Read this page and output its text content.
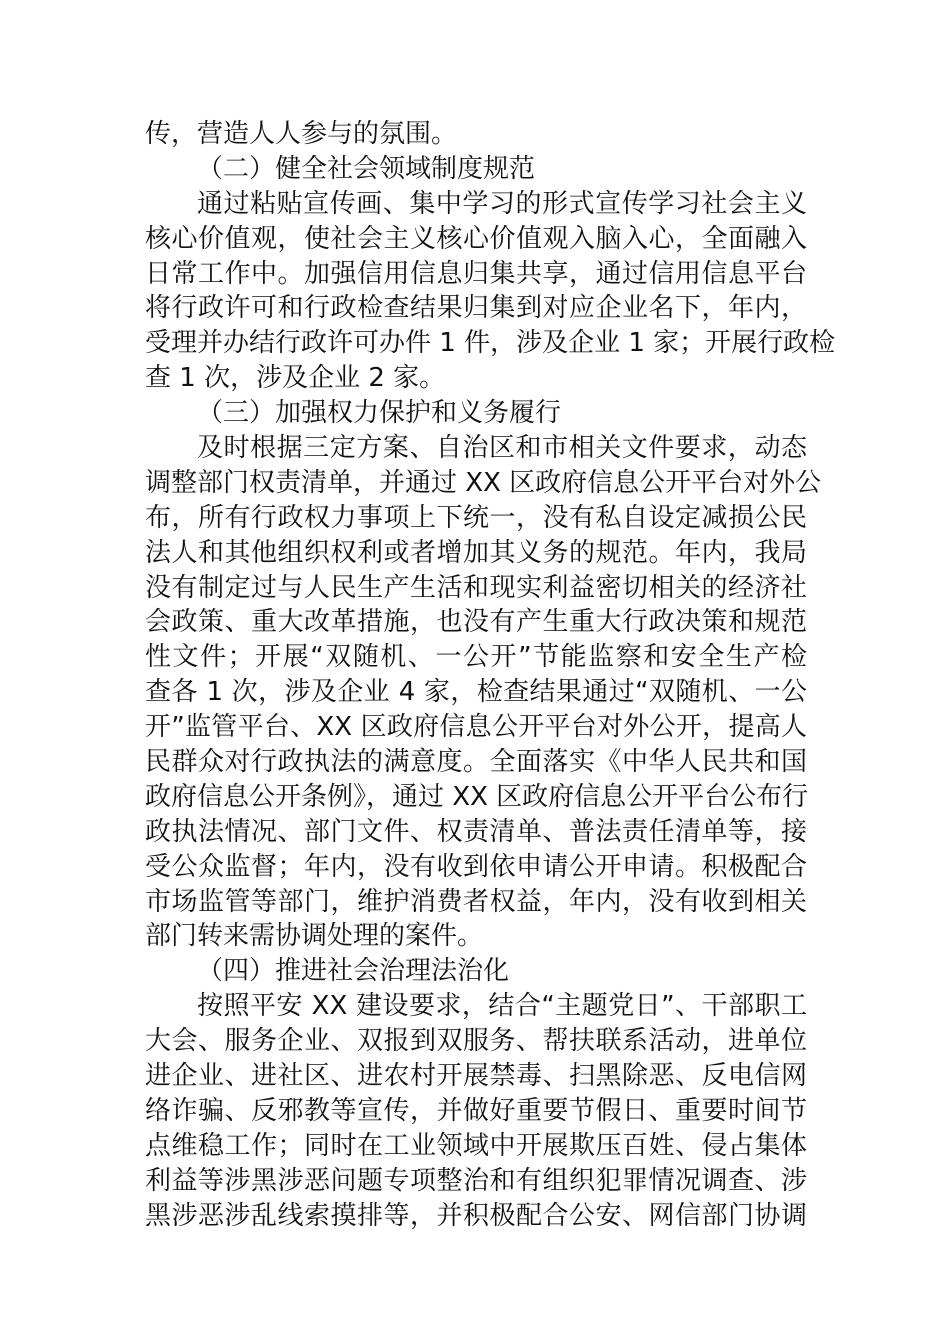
传，营造人人参与的氛围。
（二）健全社会领域制度规范
通过粘贴宣传画、集中学习的形式宣传学习社会主义
核心价值观，使社会主义核心价值观入脑入心，全面融入
日常工作中。加强信用信息归集共享，通过信用信息平台
将行政许可和行政检查结果归集到对应企业名下，年内，
受理并办结行政许可办件 1 件，涉及企业 1 家；开展行政检
查 1 次，涉及企业 2 家。
（三）加强权力保护和义务履行
及时根据三定方案、自治区和市相关文件要求，动态
调整部门权责清单，并通过 XX 区政府信息公开平台对外公
布，所有行政权力事项上下统一，没有私自设定减损公民
法人和其他组织权利或者增加其义务的规范。年内，我局
没有制定过与人民生产生活和现实利益密切相关的经济社
会政策、重大改革措施，也没有产生重大行政决策和规范
性文件；开展“双随机、一公开”节能监察和安全生产检
查各 1 次，涉及企业 4 家，检查结果通过“双随机、一公
开”监管平台、XX 区政府信息公开平台对外公开，提高人
民群众对行政执法的满意度。全面落实《中华人民共和国
政府信息公开条例》，通过 XX 区政府信息公开平台公布行
政执法情况、部门文件、权责清单、普法责任清单等，接
受公众监督；年内，没有收到依申请公开申请。积极配合
市场监管等部门，维护消费者权益，年内，没有收到相关
部门转来需协调处理的案件。
（四）推进社会治理法治化
按照平安 XX 建设要求，结合“主题党日”、干部职工
大会、服务企业、双报到双服务、帮扶联系活动，进单位
进企业、进社区、进农村开展禁毒、扫黑除恶、反电信网
络诈骗、反邪教等宣传，并做好重要节假日、重要时间节
点维稳工作；同时在工业领域中开展欺压百姓、侵占集体
利益等涉黑涉恶问题专项整治和有组织犯罪情况调查、涉
黑涉恶涉乱线索摸排等，并积极配合公安、网信部门协调
